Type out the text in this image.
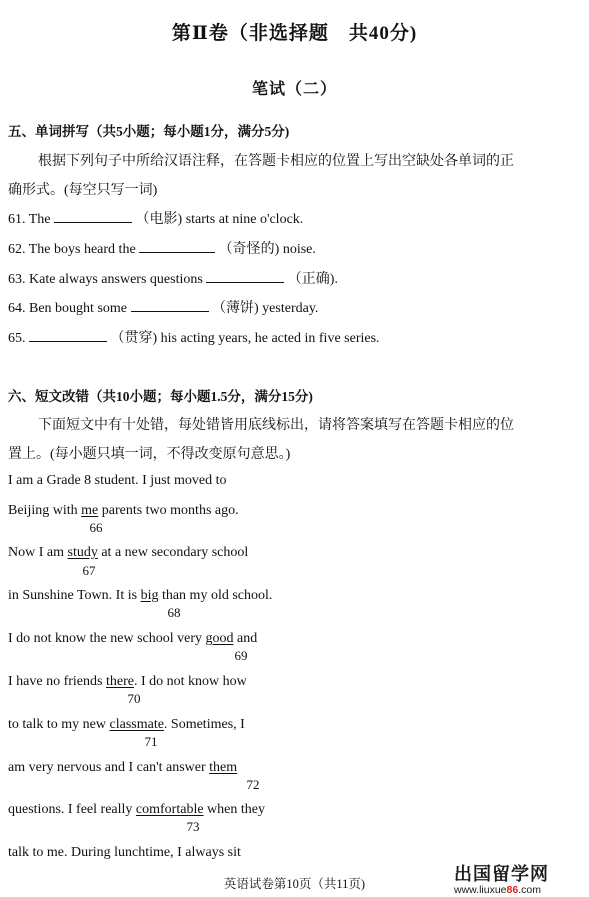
第Ⅱ卷（非选择题　共40分)
笔试（二）
五、单词拼写（共5小题；每小题1分，满分5分)
根据下列句子中所给汉语注释，在答题卡相应的位置上写出空缺处各单词的正
确形式。(每空只写一词)
61. The	（电影) starts at nine o'clock.
62. The boys heard the	（奇怪的) noise.
63. Kate always answers questions	（正确).
64. Ben bought some	（薄饼) yesterday.
65.	（贯穿) his acting years, he acted in five series.
六、短文改错（共10小题；每小题1.5分，满分15分)
下面短文中有十处错，每处错皆用底线标出，请将答案填写在答题卡相应的位
置上。(每小题只填一词，不得改变原句意思。)
I am a Grade 8 student. I just moved to
Beijing with me parents two months ago.
66
Now I am study at a new secondary school
67
in Sunshine Town. It is big than my old school.
68
I do not know the new school very good and
69
I have no friends there. I do not know how
70
to talk to my new classmate. Sometimes, I
71
am very nervous and I can't answer them
72
questions. I feel really comfortable when they
73
talk to me. During lunchtime, I always sit
英语试卷第10页（共11页)	出国留学网
www.liuxue86.com
